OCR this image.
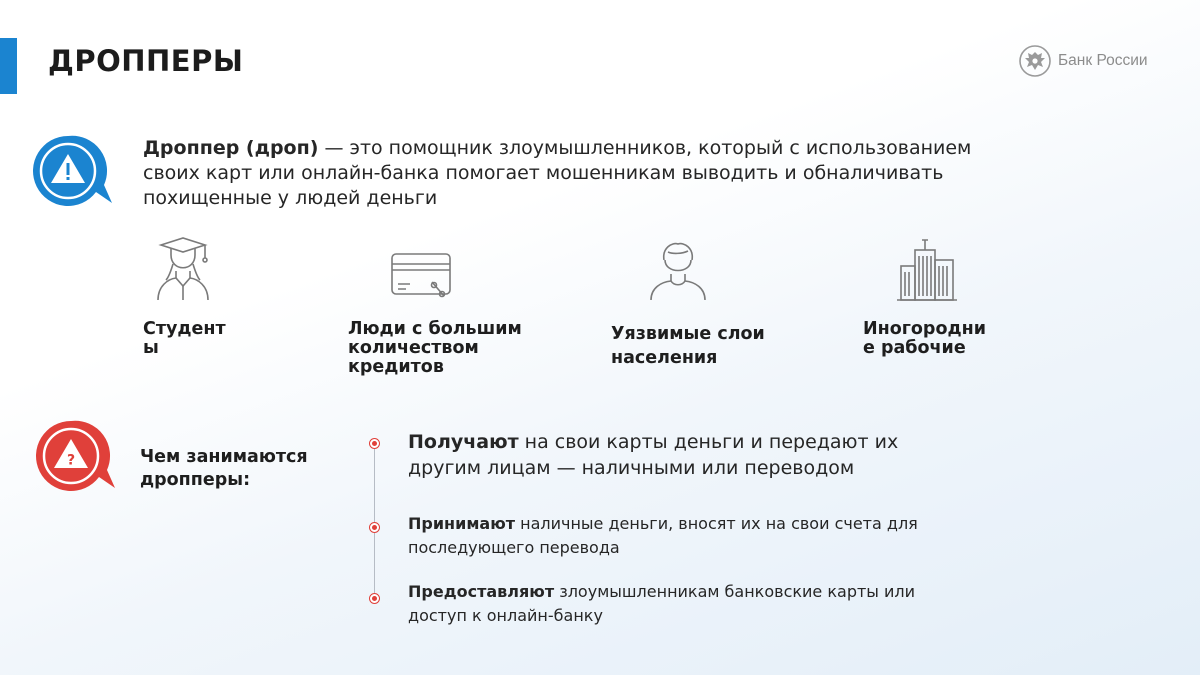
ДРОППЕРЫ	Банк России
Дроппер (дроп) — это помощник злоумышленников, который с использованием своих карт или онлайн-банка помогает мошенникам выводить и обналичивать похищенные у людей деньги
Студент
ы
Люди с большим количеством кредитов
Уязвимые слои населения
Иногородни
е рабочие
?	Чем занимаются дропперы:
Получают на свои карты деньги и передают их другим лицам — наличными или переводом
Принимают наличные деньги, вносят их на свои счета для последующего перевода
Предоставляют злоумышленникам банковские карты или доступ к онлайн-банку
